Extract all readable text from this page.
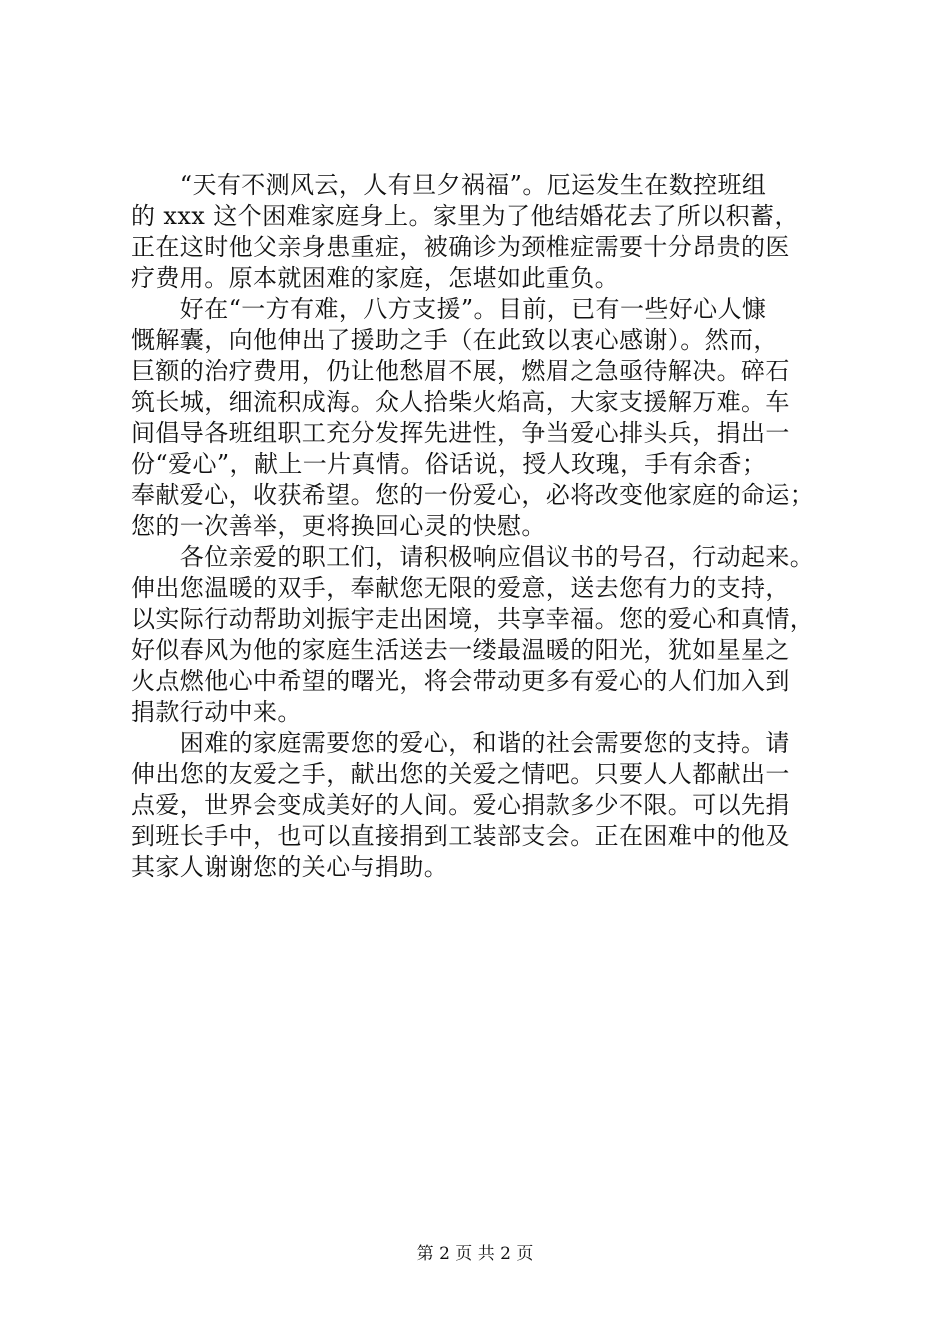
　　“天有不测风云，人有旦夕祸福”。厄运发生在数控班组
的 xxx 这个困难家庭身上。家里为了他结婚花去了所以积蓄，
正在这时他父亲身患重症，被确诊为颈椎症需要十分昂贵的医
疗费用。原本就困难的家庭，怎堪如此重负。
　　好在“一方有难，八方支援”。目前，已有一些好心人慷
慨解囊，向他伸出了援助之手（在此致以衷心感谢）。然而，
巨额的治疗费用，仍让他愁眉不展，燃眉之急亟待解决。碎石
筑长城，细流积成海。众人拾柴火焰高，大家支援解万难。车
间倡导各班组职工充分发挥先进性，争当爱心排头兵，捐出一
份“爱心”，献上一片真情。俗话说，授人玫瑰，手有余香；
奉献爱心，收获希望。您的一份爱心，必将改变他家庭的命运；
您的一次善举，更将换回心灵的快慰。
　　各位亲爱的职工们，请积极响应倡议书的号召，行动起来。
伸出您温暖的双手，奉献您无限的爱意，送去您有力的支持，
以实际行动帮助刘振宇走出困境，共享幸福。您的爱心和真情，
好似春风为他的家庭生活送去一缕最温暖的阳光，犹如星星之
火点燃他心中希望的曙光，将会带动更多有爱心的人们加入到
捐款行动中来。
　　困难的家庭需要您的爱心，和谐的社会需要您的支持。请
伸出您的友爱之手，献出您的关爱之情吧。只要人人都献出一
点爱，世界会变成美好的人间。爱心捐款多少不限。可以先捐
到班长手中，也可以直接捐到工装部支会。正在困难中的他及
其家人谢谢您的关心与捐助。
第 2 页 共 2 页
